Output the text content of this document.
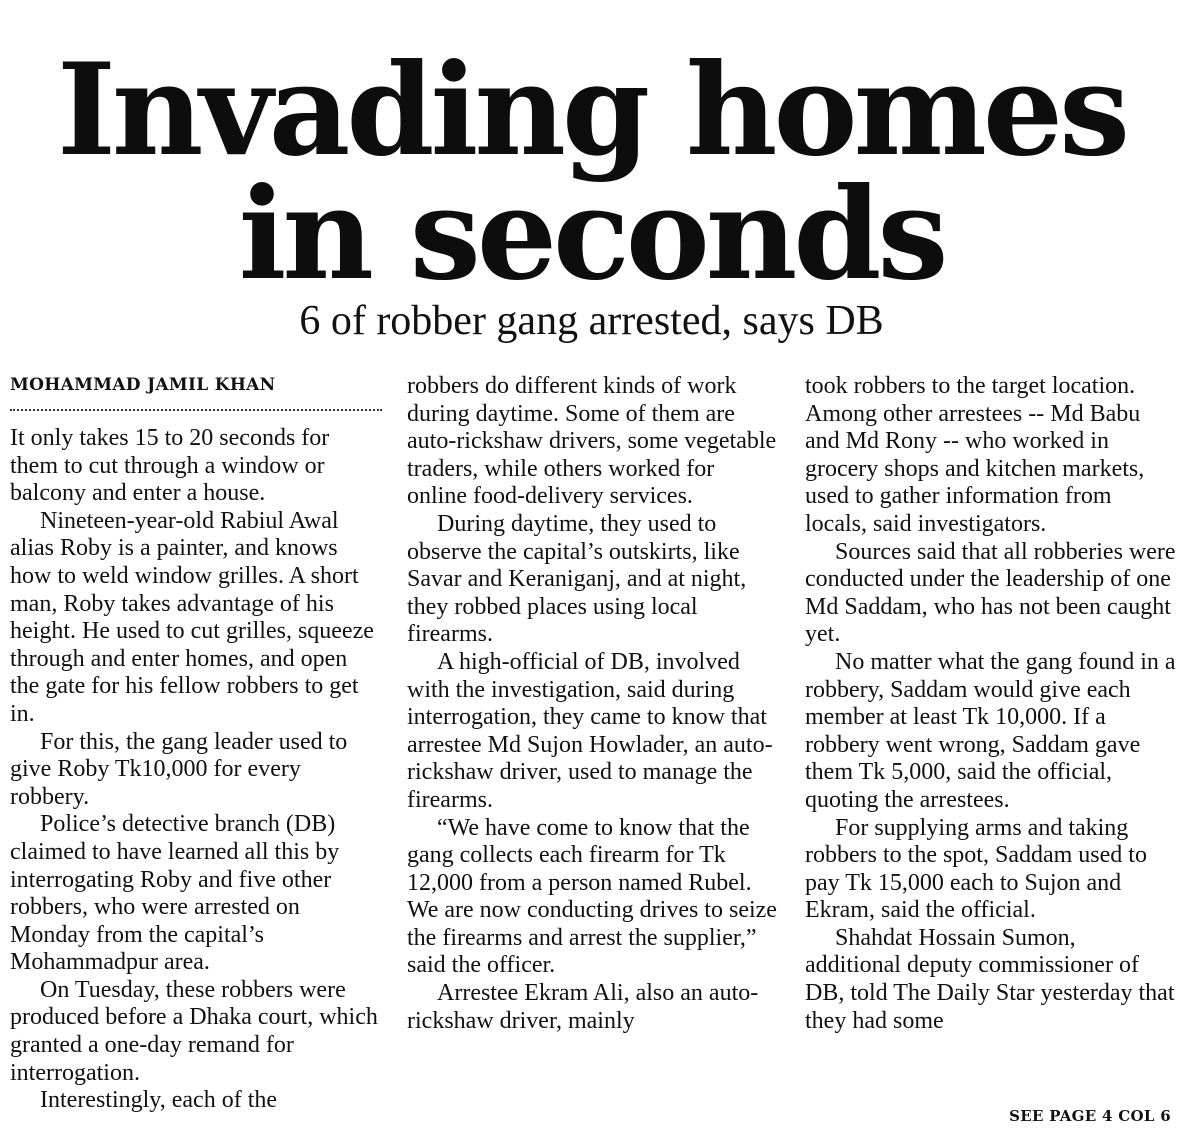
Invading homes
in seconds
6 of robber gang arrested, says DB
MOHAMMAD JAMIL KHAN

It only takes 15 to 20 seconds for them to cut through a window or balcony and enter a house.

Nineteen-year-old Rabiul Awal alias Roby is a painter, and knows how to weld window grilles. A short man, Roby takes advantage of his height. He used to cut grilles, squeeze through and enter homes, and open the gate for his fellow robbers to get in.

For this, the gang leader used to give Roby Tk10,000 for every robbery.

Police’s detective branch (DB) claimed to have learned all this by interrogating Roby and five other robbers, who were arrested on Monday from the capital’s Mohammadpur area.

On Tuesday, these robbers were produced before a Dhaka court, which granted a one-day remand for interrogation.

Interestingly, each of the

robbers do different kinds of work during daytime. Some of them are auto-rickshaw drivers, some vegetable traders, while others worked for online food-delivery services.

During daytime, they used to observe the capital’s outskirts, like Savar and Keraniganj, and at night, they robbed places using local firearms.

A high-official of DB, involved with the investigation, said during interrogation, they came to know that arrestee Md Sujon Howlader, an auto-rickshaw driver, used to manage the firearms.

“We have come to know that the gang collects each firearm for Tk 12,000 from a person named Rubel. We are now conducting drives to seize the firearms and arrest the supplier,” said the officer.

Arrestee Ekram Ali, also an auto-rickshaw driver, mainly

took robbers to the target location. Among other arrestees -- Md Babu and Md Rony -- who worked in grocery shops and kitchen markets, used to gather information from locals, said investigators.

Sources said that all robberies were conducted under the leadership of one Md Saddam, who has not been caught yet.

No matter what the gang found in a robbery, Saddam would give each member at least Tk 10,000. If a robbery went wrong, Saddam gave them Tk 5,000, said the official, quoting the arrestees.

For supplying arms and taking robbers to the spot, Saddam used to pay Tk 15,000 each to Sujon and Ekram, said the official.

Shahdat Hossain Sumon, additional deputy commissioner of DB, told The Daily Star yesterday that they had some

SEE PAGE 4 COL 6
